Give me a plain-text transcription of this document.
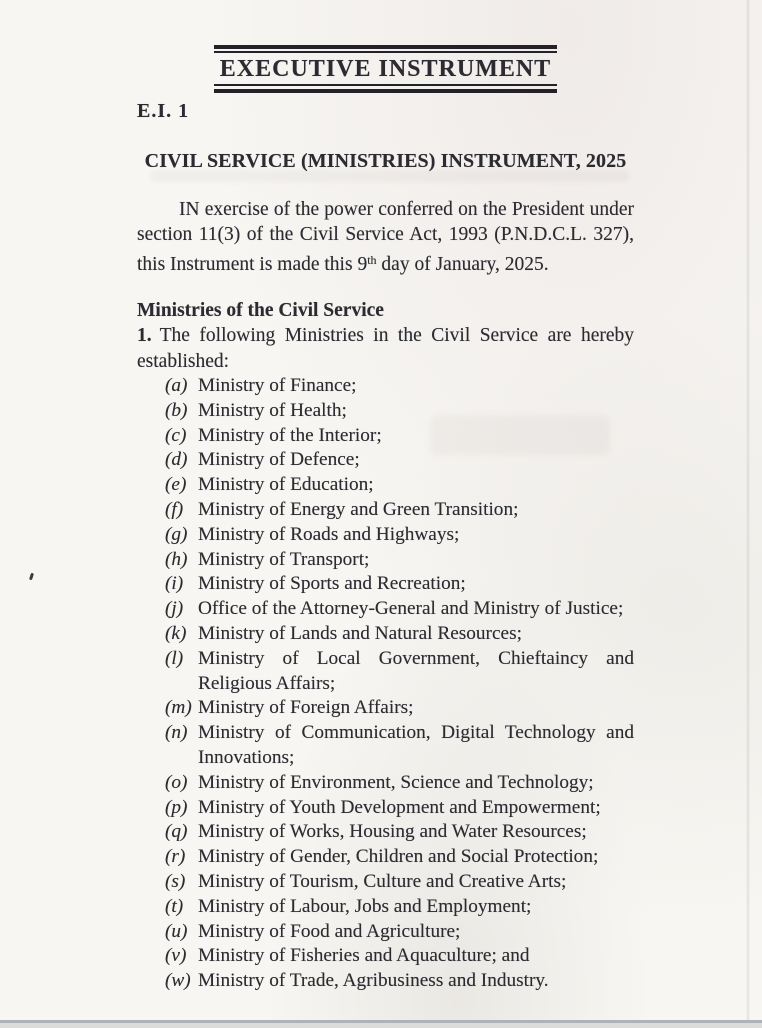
EXECUTIVE INSTRUMENT
E.I. 1
CIVIL SERVICE (MINISTRIES) INSTRUMENT, 2025

IN exercise of the power conferred on the President under section 11(3) of the Civil Service Act, 1993 (P.N.D.C.L. 327), this Instrument is made this 9th day of January, 2025.

Ministries of the Civil Service

1. The following Ministries in the Civil Service are hereby established:

(a) Ministry of Finance;
(b) Ministry of Health;
(c) Ministry of the Interior;
(d) Ministry of Defence;
(e) Ministry of Education;
(f) Ministry of Energy and Green Transition;
(g) Ministry of Roads and Highways;
(h) Ministry of Transport;
(i) Ministry of Sports and Recreation;
(j) Office of the Attorney-General and Ministry of Justice;
(k) Ministry of Lands and Natural Resources;
(l) Ministry of Local Government, Chieftaincy and Religious Affairs;
(m) Ministry of Foreign Affairs;
(n) Ministry of Communication, Digital Technology and Innovations;
(o) Ministry of Environment, Science and Technology;
(p) Ministry of Youth Development and Empowerment;
(q) Ministry of Works, Housing and Water Resources;
(r) Ministry of Gender, Children and Social Protection;
(s) Ministry of Tourism, Culture and Creative Arts;
(t) Ministry of Labour, Jobs and Employment;
(u) Ministry of Food and Agriculture;
(v) Ministry of Fisheries and Aquaculture; and
(w) Ministry of Trade, Agribusiness and Industry.
